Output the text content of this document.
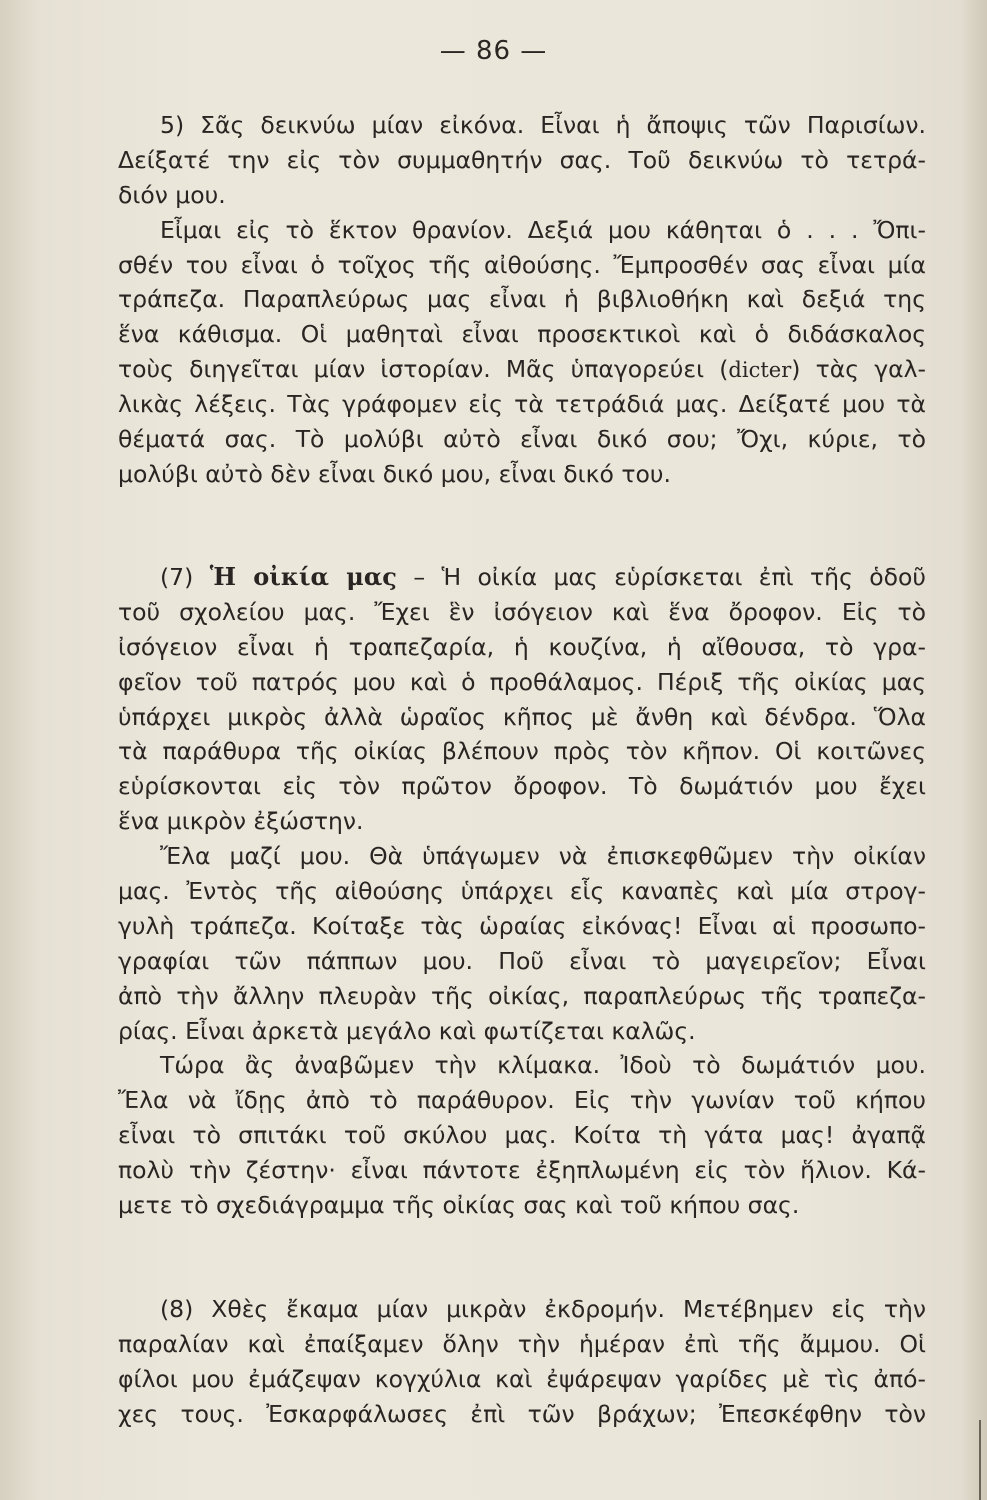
— 86 —
5) Σᾶς δεικνύω μίαν εἰκόνα. Εἶναι ἡ ἄποψις τῶν Παρισίων.
Δείξατέ την εἰς τὸν συμμαθητήν σας. Τοῦ δεικνύω τὸ τετρά-
διόν μου.
Εἶμαι εἰς τὸ ἕκτον θρανίον. Δεξιά μου κάθηται ὁ . . . Ὄπι-
σθέν του εἶναι ὁ τοῖχος τῆς αἰθούσης. Ἔμπροσθέν σας εἶναι μία
τράπεζα. Παραπλεύρως μας εἶναι ἡ βιβλιοθήκη καὶ δεξιά της
ἕνα κάθισμα. Οἱ μαθηταὶ εἶναι προσεκτικοὶ καὶ ὁ διδάσκαλος
τοὺς διηγεῖται μίαν ἱστορίαν. Μᾶς ὑπαγορεύει (dicter) τὰς γαλ-
λικὰς λέξεις. Τὰς γράφομεν εἰς τὰ τετράδιά μας. Δείξατέ μου τὰ
θέματά σας. Τὸ μολύβι αὐτὸ εἶναι δικό σου; Ὄχι, κύριε, τὸ
μολύβι αὐτὸ δὲν εἶναι δικό μου, εἶναι δικό του.
(7) Ἡ οἰκία μας – Ἡ οἰκία μας εὑρίσκεται ἐπὶ τῆς ὁδοῦ
τοῦ σχολείου μας. Ἔχει ἓν ἰσόγειον καὶ ἕνα ὄροφον. Εἰς τὸ
ἰσόγειον εἶναι ἡ τραπεζαρία, ἡ κουζίνα, ἡ αἴθουσα, τὸ γρα-
φεῖον τοῦ πατρός μου καὶ ὁ προθάλαμος. Πέριξ τῆς οἰκίας μας
ὑπάρχει μικρὸς ἀλλὰ ὡραῖος κῆπος μὲ ἄνθη καὶ δένδρα. Ὅλα
τὰ παράθυρα τῆς οἰκίας βλέπουν πρὸς τὸν κῆπον. Οἱ κοιτῶνες
εὑρίσκονται εἰς τὸν πρῶτον ὄροφον. Τὸ δωμάτιόν μου ἔχει
ἕνα μικρὸν ἐξώστην.
Ἔλα μαζί μου. Θὰ ὑπάγωμεν νὰ ἐπισκεφθῶμεν τὴν οἰκίαν
μας. Ἐντὸς τῆς αἰθούσης ὑπάρχει εἷς καναπὲς καὶ μία στρογ-
γυλὴ τράπεζα. Κοίταξε τὰς ὡραίας εἰκόνας! Εἶναι αἱ προσωπο-
γραφίαι τῶν πάππων μου. Ποῦ εἶναι τὸ μαγειρεῖον; Εἶναι
ἀπὸ τὴν ἄλλην πλευρὰν τῆς οἰκίας, παραπλεύρως τῆς τραπεζα-
ρίας. Εἶναι ἀρκετὰ μεγάλο καὶ φωτίζεται καλῶς.
Τώρα ἂς ἀναβῶμεν τὴν κλίμακα. Ἰδοὺ τὸ δωμάτιόν μου.
Ἔλα νὰ ἴδῃς ἀπὸ τὸ παράθυρον. Εἰς τὴν γωνίαν τοῦ κήπου
εἶναι τὸ σπιτάκι τοῦ σκύλου μας. Κοίτα τὴ γάτα μας! ἀγαπᾷ
πολὺ τὴν ζέστην· εἶναι πάντοτε ἐξηπλωμένη εἰς τὸν ἥλιον. Κά-
μετε τὸ σχεδιάγραμμα τῆς οἰκίας σας καὶ τοῦ κήπου σας.
(8) Χθὲς ἔκαμα μίαν μικρὰν ἐκδρομήν. Μετέβημεν εἰς τὴν
παραλίαν καὶ ἐπαίξαμεν ὅλην τὴν ἡμέραν ἐπὶ τῆς ἄμμου. Οἱ
φίλοι μου ἐμάζεψαν κογχύλια καὶ ἐψάρεψαν γαρίδες μὲ τὶς ἀπό-
χες τους. Ἐσκαρφάλωσες ἐπὶ τῶν βράχων; Ἐπεσκέφθην τὸν
